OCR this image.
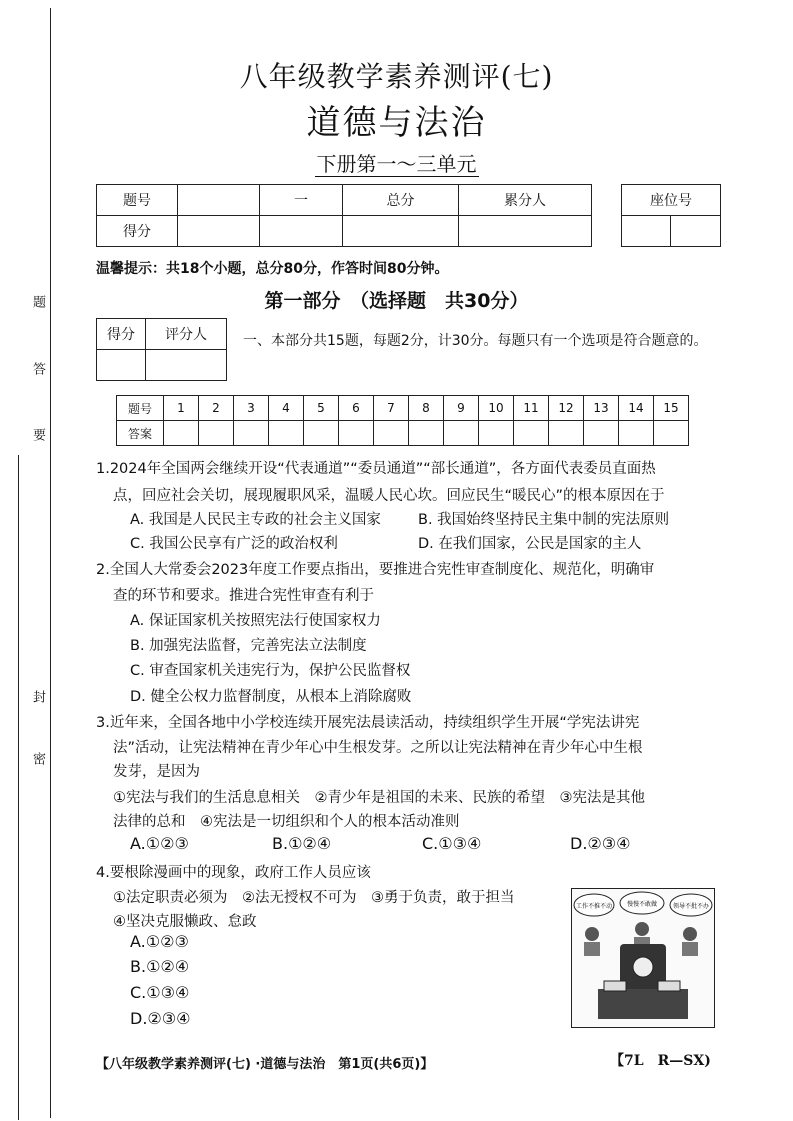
题
答
要
封
密
八年级教学素养测评(七)
道德与法治
下册第一～三单元
题号		一	总分	累分人
得分				
座位号

温馨提示：共18个小题，总分80分，作答时间80分钟。
第一部分　（选择题　共30分）
得分	评分人
		一、本部分共15题，每题2分，计30分。每题只有一个选项是符合题意的。
题号	1	2	3	4	5	6	7	8	9	10	11	12	13	14	15
答案															
1.2024年全国两会继续开设“代表通道”“委员通道”“部长通道”，各方面代表委员直面热
点，回应社会关切，展现履职风采，温暖人民心坎。回应民生“暖民心”的根本原因在于
A. 我国是人民民主专政的社会主义国家	B. 我国始终坚持民主集中制的宪法原则
C. 我国公民享有广泛的政治权利	D. 在我们国家，公民是国家的主人
2.全国人大常委会2023年度工作要点指出，要推进合宪性审查制度化、规范化，明确审
查的环节和要求。推进合宪性审查有利于
A. 保证国家机关按照宪法行使国家权力
B. 加强宪法监督，完善宪法立法制度
C. 审查国家机关违宪行为，保护公民监督权
D. 健全公权力监督制度，从根本上消除腐败
3.近年来，全国各地中小学校连续开展宪法晨读活动，持续组织学生开展“学宪法讲宪
法”活动，让宪法精神在青少年心中生根发芽。之所以让宪法精神在青少年心中生根
发芽，是因为
①宪法与我们的生活息息相关　②青少年是祖国的未来、民族的希望　③宪法是其他
法律的总和　④宪法是一切组织和个人的根本活动准则
A.①②③	B.①②④	C.①③④	D.②③④
4.要根除漫画中的现象，政府工作人员应该
①法定职责必须为　②法无授权不可为　③勇于负责，敢于担当
④坚决克服懒政、怠政
A.①②③
B.①②④
C.①③④
D.②③④
工作不推不动 慢慢不敢做	领导不批不办
【八年级教学素养测评(七) ·道德与法治　第1页(共6页)】	【7L　R—SX)
